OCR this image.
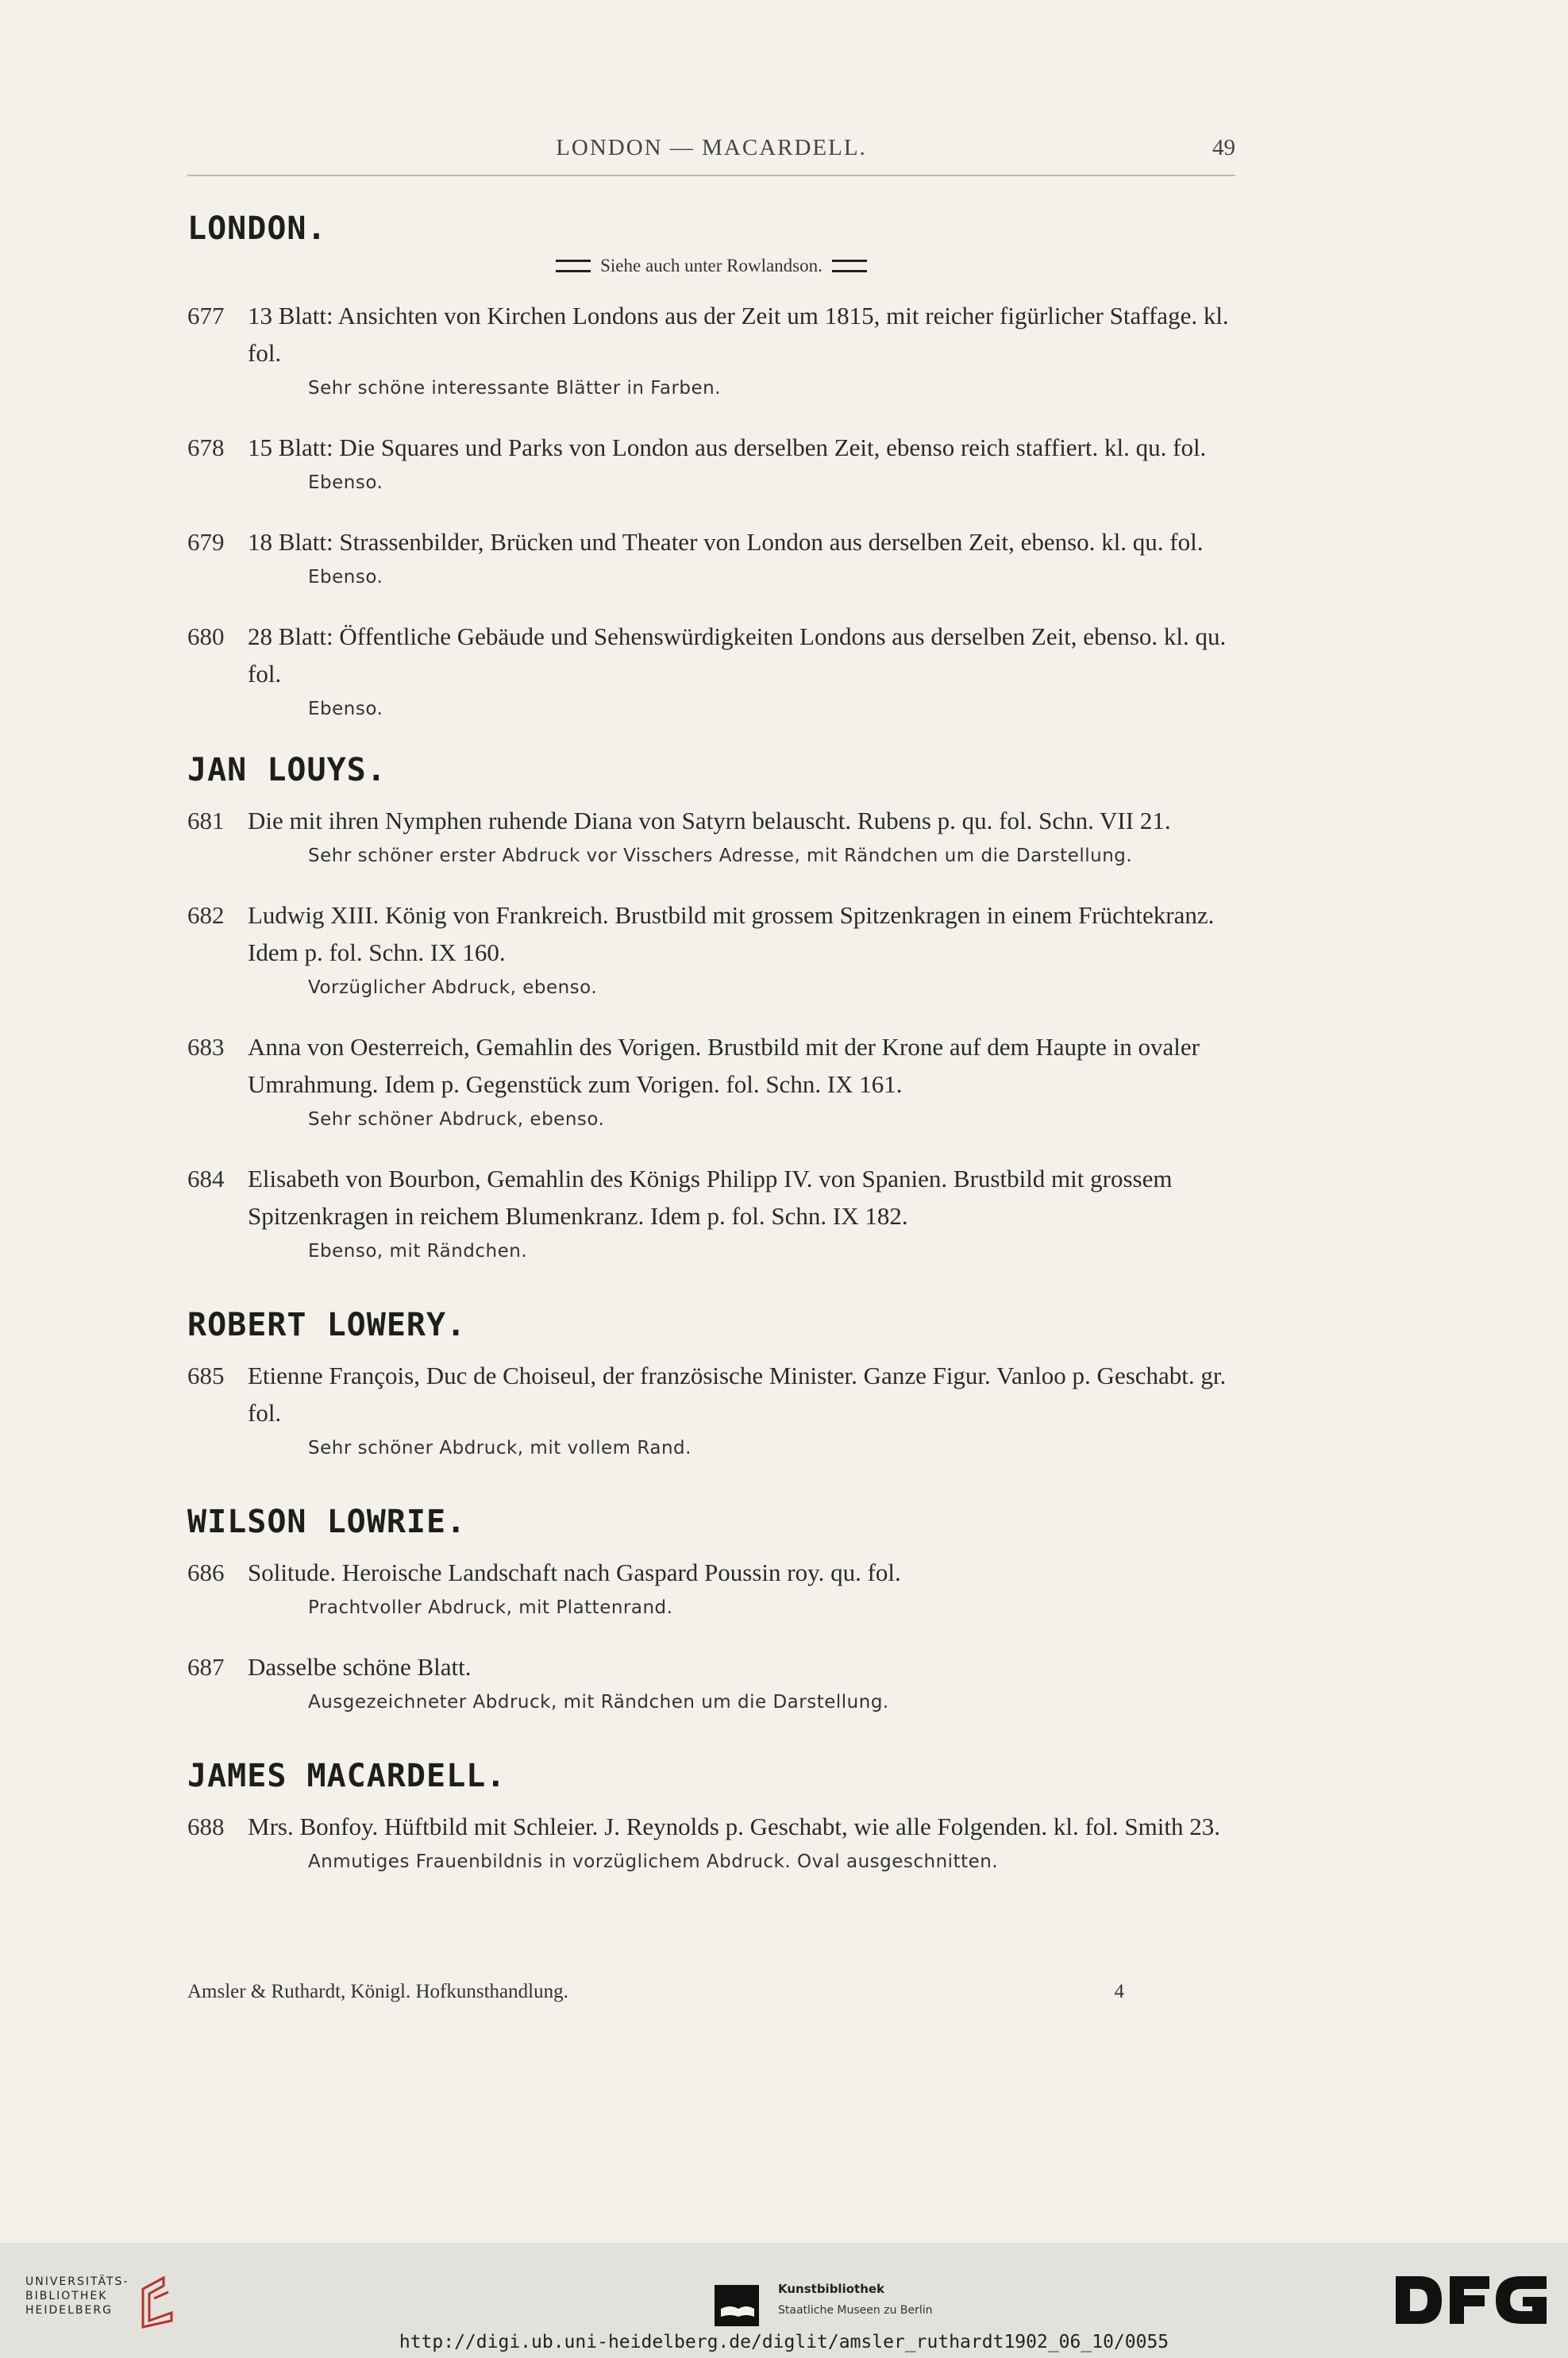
LONDON — MACARDELL.	49
LONDON.
Siehe auch unter Rowlandson.
677 13 Blatt: Ansichten von Kirchen Londons aus der Zeit um 1815, mit reicher figürlicher Staffage. kl. fol.
Sehr schöne interessante Blätter in Farben.
678 15 Blatt: Die Squares und Parks von London aus derselben Zeit, ebenso reich staffiert. kl. qu. fol.
Ebenso.
679 18 Blatt: Strassenbilder, Brücken und Theater von London aus derselben Zeit, ebenso. kl. qu. fol.
Ebenso.
680 28 Blatt: Öffentliche Gebäude und Sehenswürdigkeiten Londons aus derselben Zeit, ebenso. kl. qu. fol.
Ebenso.
JAN LOUYS.
681 Die mit ihren Nymphen ruhende Diana von Satyrn belauscht. Rubens p. qu. fol. Schn. VII 21.
Sehr schöner erster Abdruck vor Visschers Adresse, mit Rändchen um die Darstellung.
682 Ludwig XIII. König von Frankreich. Brustbild mit grossem Spitzenkragen in einem Früchtekranz. Idem p. fol. Schn. IX 160.
Vorzüglicher Abdruck, ebenso.
683 Anna von Oesterreich, Gemahlin des Vorigen. Brustbild mit der Krone auf dem Haupte in ovaler Umrahmung. Idem p. Gegenstück zum Vorigen. fol. Schn. IX 161.
Sehr schöner Abdruck, ebenso.
684 Elisabeth von Bourbon, Gemahlin des Königs Philipp IV. von Spanien. Brustbild mit grossem Spitzenkragen in reichem Blumenkranz. Idem p. fol. Schn. IX 182.
Ebenso, mit Rändchen.
ROBERT LOWERY.
685 Etienne François, Duc de Choiseul, der französische Minister. Ganze Figur. Vanloo p. Geschabt. gr. fol.
Sehr schöner Abdruck, mit vollem Rand.
WILSON LOWRIE.
686 Solitude. Heroische Landschaft nach Gaspard Poussin roy. qu. fol.
Prachtvoller Abdruck, mit Plattenrand.
687 Dasselbe schöne Blatt.
Ausgezeichneter Abdruck, mit Rändchen um die Darstellung.
JAMES MACARDELL.
688 Mrs. Bonfoy. Hüftbild mit Schleier. J. Reynolds p. Geschabt, wie alle Folgenden. kl. fol. Smith 23.
Anmutiges Frauenbildnis in vorzüglichem Abdruck. Oval ausgeschnitten.
Amsler & Ruthardt, Königl. Hofkunsthandlung.	4
UNIVERSITÄTS-
BIBLIOTHEK
HEIDELBERG

Kunstbibliothek
Staatliche Museen zu Berlin
http://digi.ub.uni-heidelberg.de/diglit/amsler_ruthardt1902_06_10/0055
